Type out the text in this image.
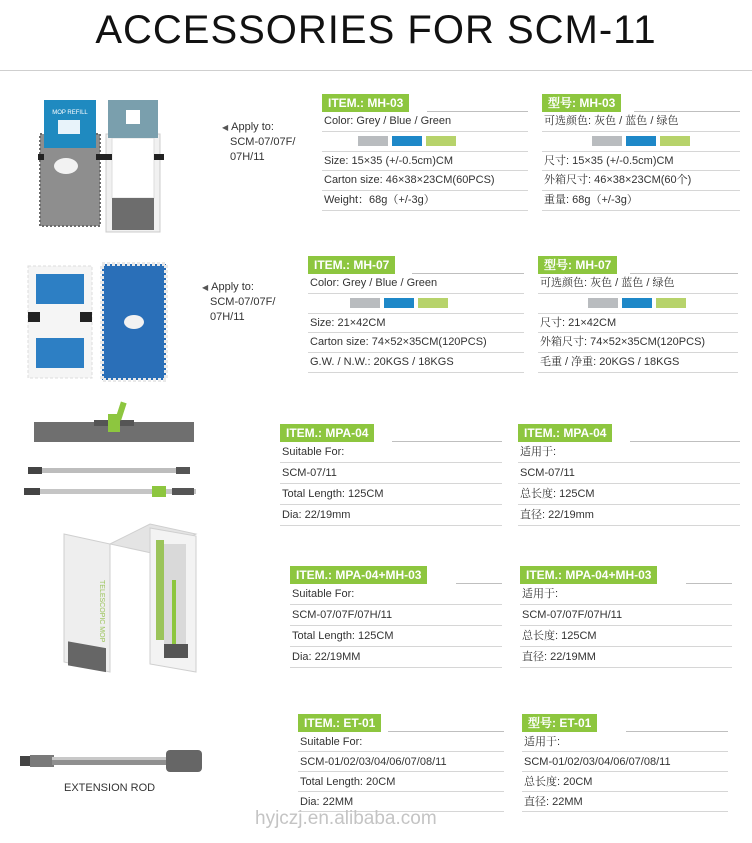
ACCESSORIES FOR SCM-11
MOP REFILL
◀ Apply to:
SCM-07/07F/
07H/11
ITEM.: MH-03
Color: Grey / Blue / Green
Size: 15×35 (+/-0.5cm)CM
Carton size: 46×38×23CM(60PCS)
Weight：68g（+/-3g）
型号: MH-03
可选颜色: 灰色 / 蓝色 / 绿色
尺寸: 15×35 (+/-0.5cm)CM
外箱尺寸: 46×38×23CM(60个)
重量: 68g（+/-3g）
◀ Apply to:
SCM-07/07F/
07H/11
ITEM.: MH-07
Color: Grey / Blue / Green
Size: 21×42CM
Carton size: 74×52×35CM(120PCS)
G.W. / N.W.: 20KGS / 18KGS
型号: MH-07
可选颜色: 灰色 / 蓝色 / 绿色
尺寸: 21×42CM
外箱尺寸: 74×52×35CM(120PCS)
毛重 / 净重: 20KGS / 18KGS
ITEM.: MPA-04
Suitable For:
SCM-07/11
Total Length: 125CM
Dia: 22/19mm
ITEM.: MPA-04
适用于:
SCM-07/11
总长度: 125CM
直径: 22/19mm
TELESCOPIC MOP
ITEM.: MPA-04+MH-03
Suitable For:
SCM-07/07F/07H/11
Total Length: 125CM
Dia: 22/19MM
ITEM.: MPA-04+MH-03
适用于:
SCM-07/07F/07H/11
总长度: 125CM
直径: 22/19MM
EXTENSION ROD
ITEM.: ET-01
Suitable For:
SCM-01/02/03/04/06/07/08/11
Total Length: 20CM
Dia: 22MM
型号: ET-01
适用于:
SCM-01/02/03/04/06/07/08/11
总长度: 20CM
直径: 22MM
hyjczj.en.alibaba.com
